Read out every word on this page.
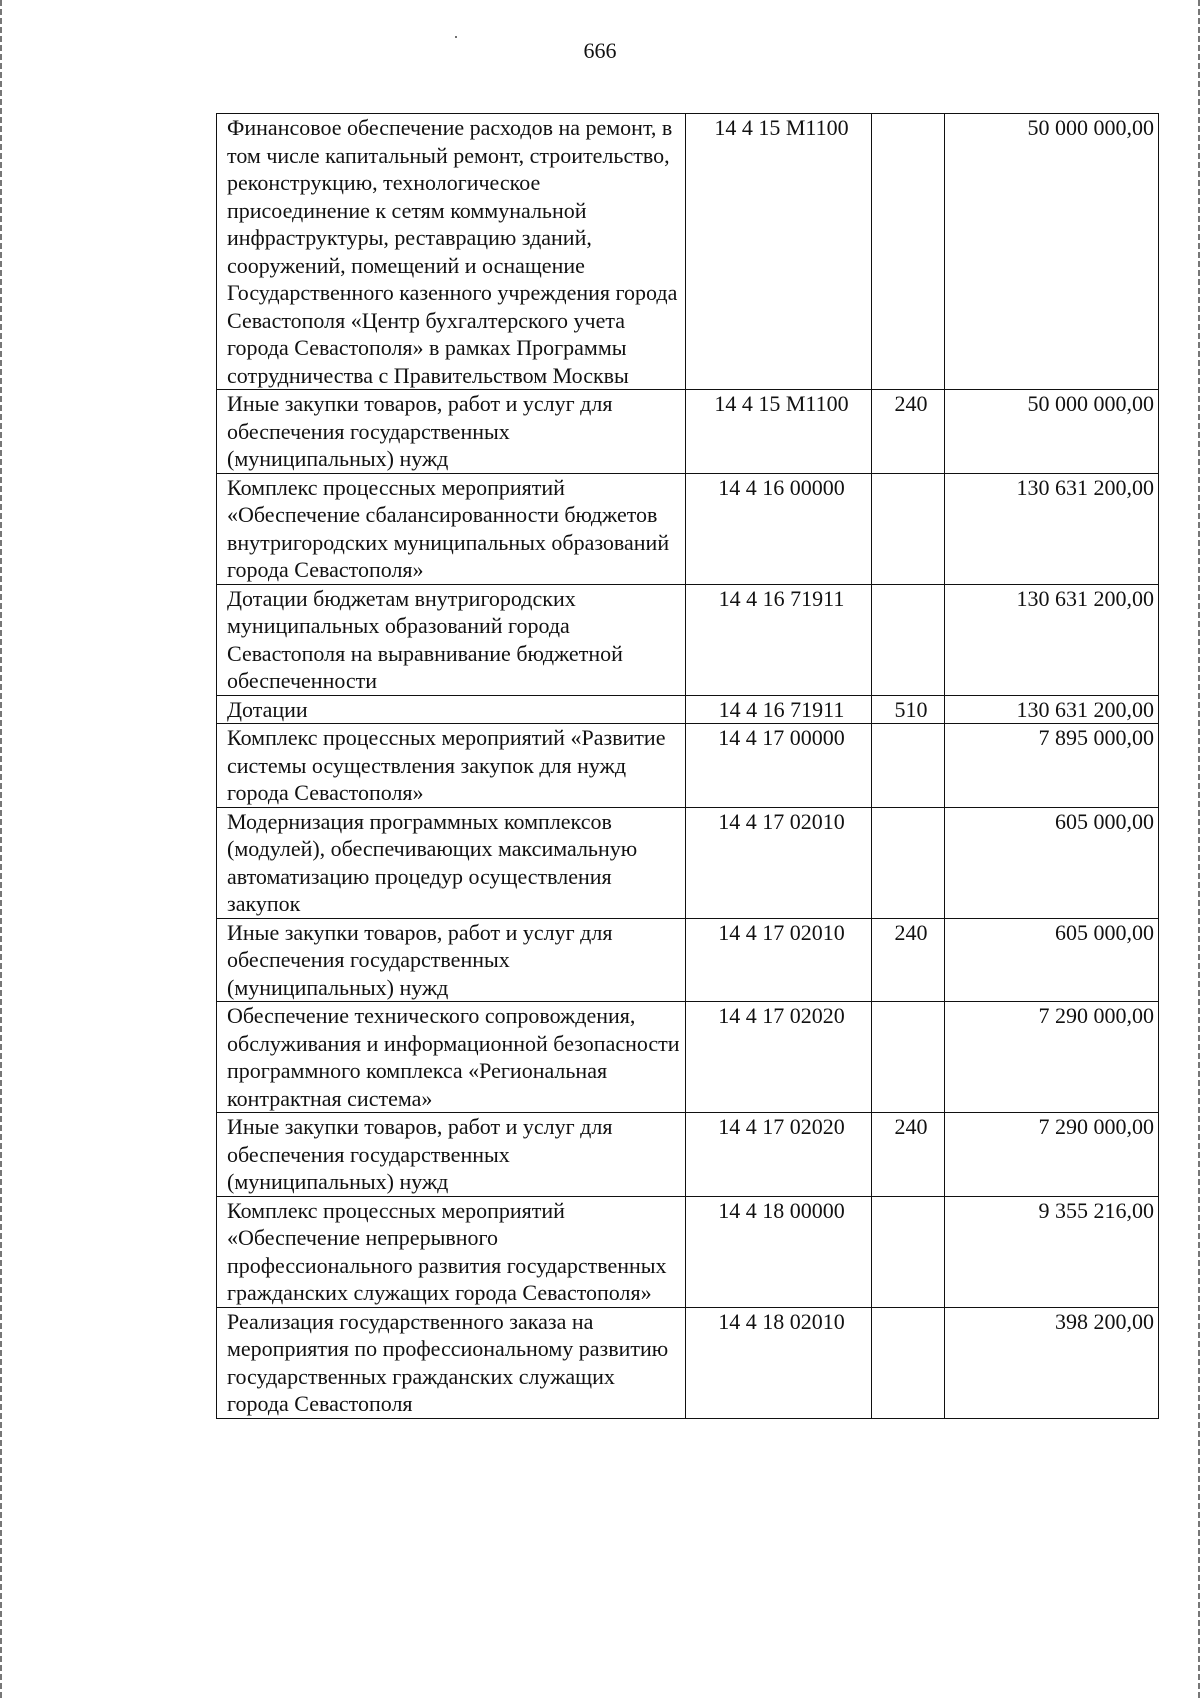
666
Финансовое обеспечение расходов на ремонт, в том числе капитальный ремонт, строительство, реконструкцию, технологическое присоединение к сетям коммунальной инфраструктуры, реставрацию зданий, сооружений, помещений и оснащение Государственного казенного учреждения города Севастополя «Центр бухгалтерского учета города Севастополя» в рамках Программы сотрудничества с Правительством Москвы	14 4 15 М1100		50 000 000,00
Иные закупки товаров, работ и услуг для обеспечения государственных (муниципальных) нужд	14 4 15 М1100	240	50 000 000,00
Комплекс процессных мероприятий «Обеспечение сбалансированности бюджетов внутригородских муниципальных образований города Севастополя»	14 4 16 00000		130 631 200,00
Дотации бюджетам внутригородских муниципальных образований города Севастополя на выравнивание бюджетной обеспеченности	14 4 16 71911		130 631 200,00
Дотации	14 4 16 71911	510	130 631 200,00
Комплекс процессных мероприятий «Развитие системы осуществления закупок для нужд города Севастополя»	14 4 17 00000		7 895 000,00
Модернизация программных комплексов (модулей), обеспечивающих максимальную автоматизацию процедур осуществления закупок	14 4 17 02010		605 000,00
Иные закупки товаров, работ и услуг для обеспечения государственных (муниципальных) нужд	14 4 17 02010	240	605 000,00
Обеспечение технического сопровождения, обслуживания и информационной безопасности программного комплекса «Региональная контрактная система»	14 4 17 02020		7 290 000,00
Иные закупки товаров, работ и услуг для обеспечения государственных (муниципальных) нужд	14 4 17 02020	240	7 290 000,00
Комплекс процессных мероприятий «Обеспечение непрерывного профессионального развития государственных гражданских служащих города Севастополя»	14 4 18 00000		9 355 216,00
Реализация государственного заказа на мероприятия по профессиональному развитию государственных гражданских служащих города Севастополя	14 4 18 02010		398 200,00
